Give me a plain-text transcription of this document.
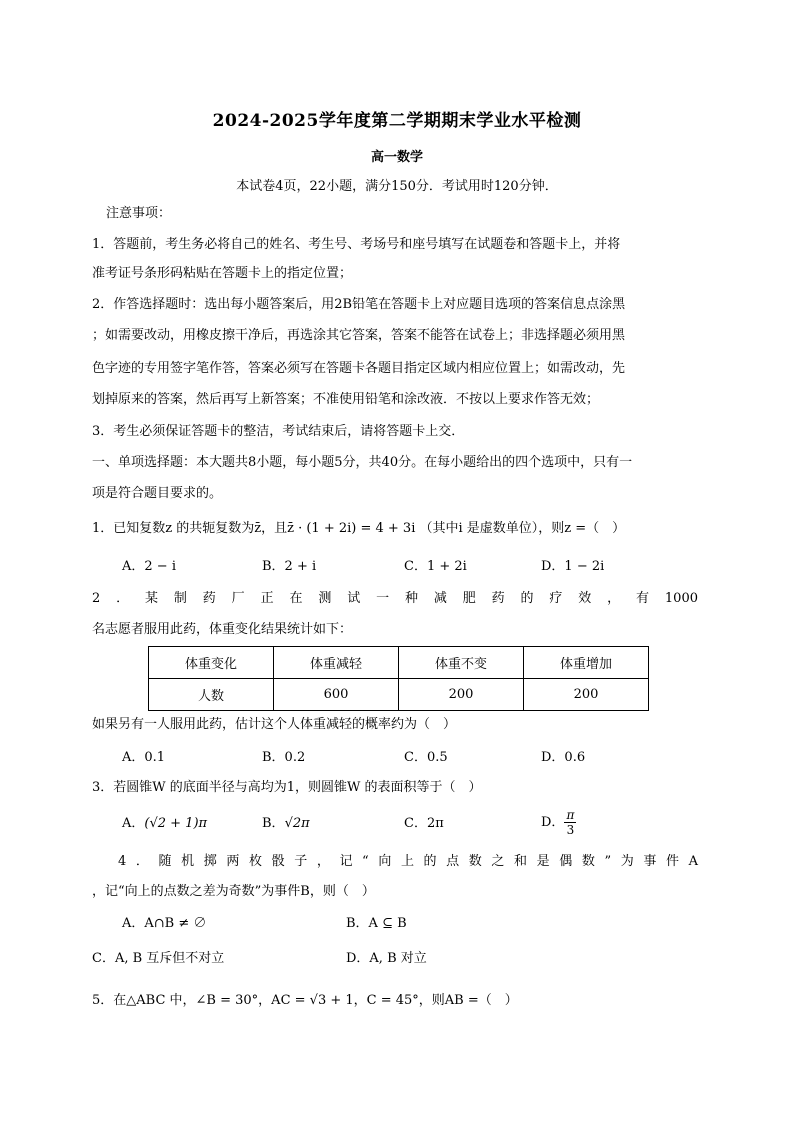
2024-2025学年度第二学期期末学业水平检测
高一数学
本试卷4页，22小题，满分150分．考试用时120分钟．
注意事项：
1．答题前，考生务必将自己的姓名、考生号、考场号和座号填写在试题卷和答题卡上，并将
准考证号条形码粘贴在答题卡上的指定位置；
2．作答选择题时：选出每小题答案后，用2B铅笔在答题卡上对应题目选项的答案信息点涂黑
；如需要改动，用橡皮擦干净后，再选涂其它答案，答案不能答在试卷上；非选择题必须用黑
色字迹的专用签字笔作答，答案必须写在答题卡各题目指定区域内相应位置上；如需改动，先
划掉原来的答案，然后再写上新答案；不准使用铅笔和涂改液．不按以上要求作答无效；
3．考生必须保证答题卡的整洁，考试结束后，请将答题卡上交．
一、单项选择题：本大题共8小题，每小题5分，共40分。在每小题给出的四个选项中，只有一
项是符合题目要求的。
1．已知复数z 的共轭复数为z̄，且z̄ · (1 + 2i) = 4 + 3i （其中i 是虚数单位），则z =（　）
A．2 − i	B．2 + i	C．1 + 2i	D．1 − 2i
2．某制药厂正在测试一种减肥药的疗效，有1000
名志愿者服用此药，体重变化结果统计如下：
体重变化	体重减轻	体重不变	体重增加
人数	600	200	200
如果另有一人服用此药，估计这个人体重减轻的概率约为（　）
A．0.1	B．0.2	C．0.5	D．0.6
3．若圆锥W 的底面半径与高均为1，则圆锥W 的表面积等于（　）
A．(√2 + 1)π	B．√2π	C．2π	D． $\frac{\pi}{3}$
4．随机掷两枚骰子，记“向上的点数之和是偶数”为事件A
，记“向上的点数之差为奇数”为事件B，则（　）
A．A∩B ≠ ∅	B．A ⊆ B
C．A, B 互斥但不对立	D．A, B 对立
5．在△ABC 中，∠B = 30°，AC = √3 + 1，C = 45°，则AB =（　）
